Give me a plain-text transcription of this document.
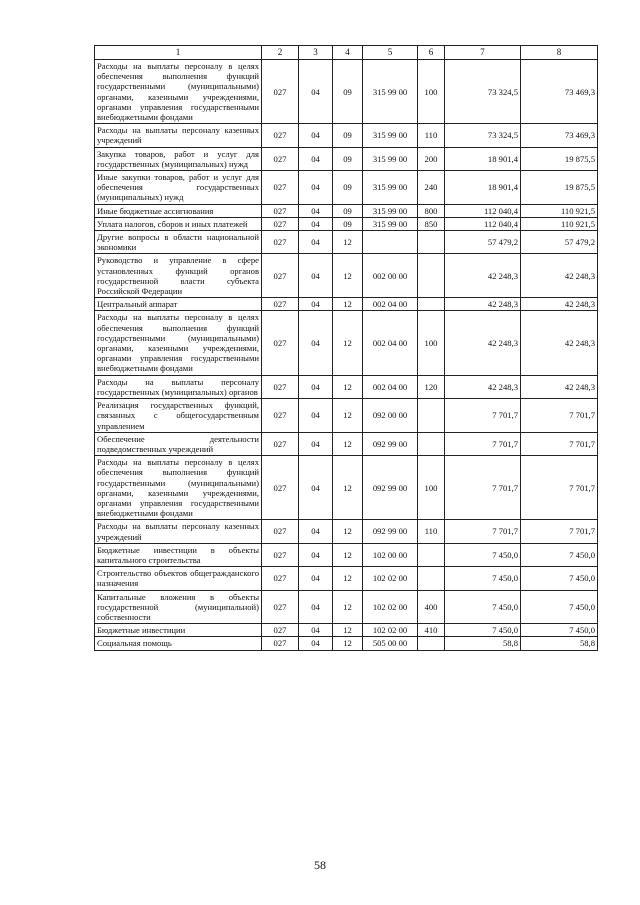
1	2	3	4	5	6	7	8
Расходы на выплаты персоналу в целях обеспечения выполнения функций государственными (муниципальными) органами, казенными учреждениями, органами управления государственными внебюджетными фондами	027	04	09	315 99 00	100	73 324,5	73 469,3
Расходы на выплаты персоналу казенных учреждений	027	04	09	315 99 00	110	73 324,5	73 469,3
Закупка товаров, работ и услуг для государственных (муниципальных) нужд	027	04	09	315 99 00	200	18 901,4	19 875,5
Иные закупки товаров, работ и услуг для обеспечения государственных (муниципальных) нужд	027	04	09	315 99 00	240	18 901,4	19 875,5
Иные бюджетные ассигнования	027	04	09	315 99 00	800	112 040,4	110 921,5
Уплата налогов, сборов и иных платежей	027	04	09	315 99 00	850	112 040,4	110 921,5
Другие вопросы в области национальной экономики	027	04	12			57 479,2	57 479,2
Руководство и управление в сфере установленных функций органов государственной власти субъекта Российской Федерации	027	04	12	002 00 00		42 248,3	42 248,3
Центральный аппарат	027	04	12	002 04 00		42 248,3	42 248,3
Расходы на выплаты персоналу в целях обеспечения выполнения функций государственными (муниципальными) органами, казенными учреждениями, органами управления государственными внебюджетными фондами	027	04	12	002 04 00	100	42 248,3	42 248,3
Расходы на выплаты персоналу государственных (муниципальных) органов	027	04	12	002 04 00	120	42 248,3	42 248,3
Реализация государственных функций, связанных с общегосударственным управлением	027	04	12	092 00 00		7 701,7	7 701,7
Обеспечение деятельности подведомственных учреждений	027	04	12	092 99 00		7 701,7	7 701,7
Расходы на выплаты персоналу в целях обеспечения выполнения функций государственными (муниципальными) органами, казенными учреждениями, органами управления государственными внебюджетными фондами	027	04	12	092 99 00	100	7 701,7	7 701,7
Расходы на выплаты персоналу казенных учреждений	027	04	12	092 99 00	110	7 701,7	7 701,7
Бюджетные инвестиции в объекты капитального строительства	027	04	12	102 00 00		7 450,0	7 450,0
Строительство объектов общегражданского назначения	027	04	12	102 02 00		7 450,0	7 450,0
Капитальные вложения в объекты государственной (муниципальной) собственности	027	04	12	102 02 00	400	7 450,0	7 450,0
Бюджетные инвестиции	027	04	12	102 02 00	410	7 450,0	7 450,0
Социальная помощь	027	04	12	505 00 00		58,8	58,8
58
